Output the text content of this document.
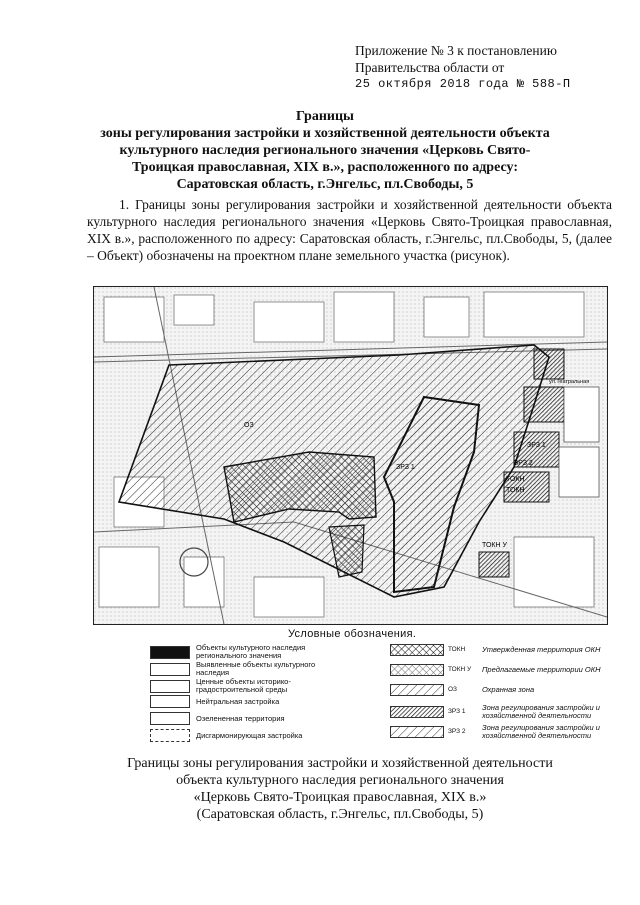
Приложение № 3 к постановлению
Правительства области от
25 октября 2018 года № 588-П
Границы
зоны регулирования застройки и хозяйственной деятельности объекта
культурного наследия регионального значения «Церковь Свято-
Троицкая православная, XIX в.», расположенного по адресу:
Саратовская область, г.Энгельс, пл.Свободы, 5
1. Границы зоны регулирования застройки и хозяйственной деятельности объекта культурного наследия регионального значения «Церковь Свято-Троицкая православная, XIX в.», расположенного по адресу: Саратовская область, г.Энгельс, пл.Свободы, 5, (далее – Объект) обозначены на проектном плане земельного участка (рисунок).
ОЗ
ЗРЗ 1
ЗРЗ 1
ЗРЗ 2
ТОКН
ТОКН
ТОКН У
ул.Театральная
Условные обозначения.
Объекты культурного наследия регионального значения
Выявленные объекты культурного наследия
Ценные объекты историко-градостроительной среды
Нейтральная застройка
Озелененная территория
Дисгармонирующая застройка
ТОКН	Утвержденная территория ОКН
ТОКН У	Предлагаемые территории ОКН
ОЗ	Охранная зона
ЗРЗ 1	Зона регулирования застройки и хозяйственной деятельности
ЗРЗ 2	Зона регулирования застройки и хозяйственной деятельности
Границы зоны регулирования застройки и хозяйственной деятельности
объекта культурного наследия регионального значения
«Церковь Свято-Троицкая православная, XIX в.»
(Саратовская область, г.Энгельс, пл.Свободы, 5)
